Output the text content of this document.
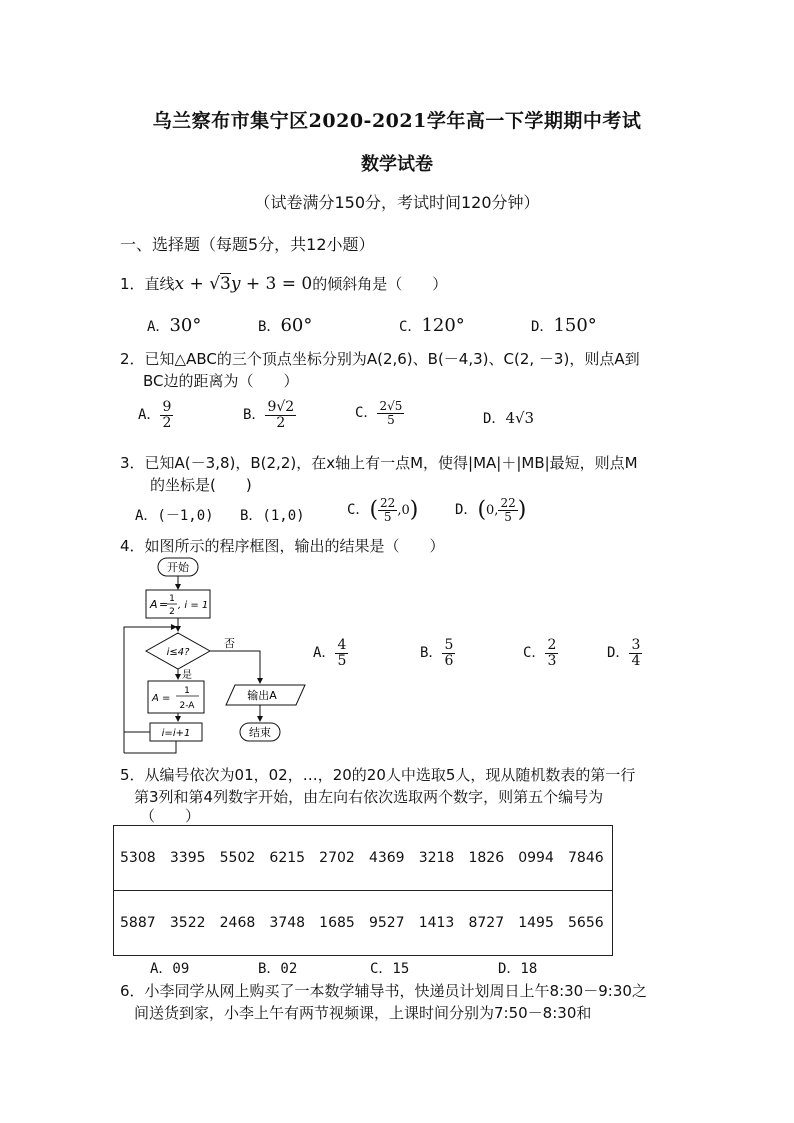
乌兰察布市集宁区2020-2021学年高一下学期期中考试
数学试卷
（试卷满分150分，考试时间120分钟）
一、选择题（每题5分，共12小题）
1．直线x + √3y + 3 = 0的倾斜角是（　　）
A．30°	B．60°	C．120°	D．150°
2．已知△ABC的三个顶点坐标分别为A(2,6)、B(－4,3)、C(2, －3)，则点A到
BC边的距离为（　　）
A． $\frac{9}{2}$	B． $\frac{9√2}{2}$	C． $\frac{2√5}{5}$	D．4√3
3．已知A(－3,8)，B(2,2)，在x轴上有一点M，使得|MA|＋|MB|最短，则点M
的坐标是(　　)
A．(－1,0) B．(1,0)	C．( $\frac{22}{5} ,0$)	D．(0, $\frac{22}{5}$ )
4．如图所示的程序框图，输出的结果是（　　）
开始
A = 1
2
, i = 1
i≤4?
否
是
输出A
结束
A =
1
2-A
i=i+1
A． $\frac{4}{5}$	B． $\frac{5}{6}$	C． $\frac{2}{3}$	D． $\frac{3}{4}$
5．从编号依次为01，02，…，20的20人中选取5人，现从随机数表的第一行
第3列和第4列数字开始，由左向右依次选取两个数字，则第五个编号为
（　　）
5308	3395	5502	6215	2702	4369	3218	1826	0994	7846
5887	3522	2468	3748	1685	9527	1413	8727	1495	5656
A．09	B．02	C．15	D．18
6．小李同学从网上购买了一本数学辅导书，快递员计划周日上午8:30－9:30之
间送货到家，小李上午有两节视频课，上课时间分别为7:50－8:30和
